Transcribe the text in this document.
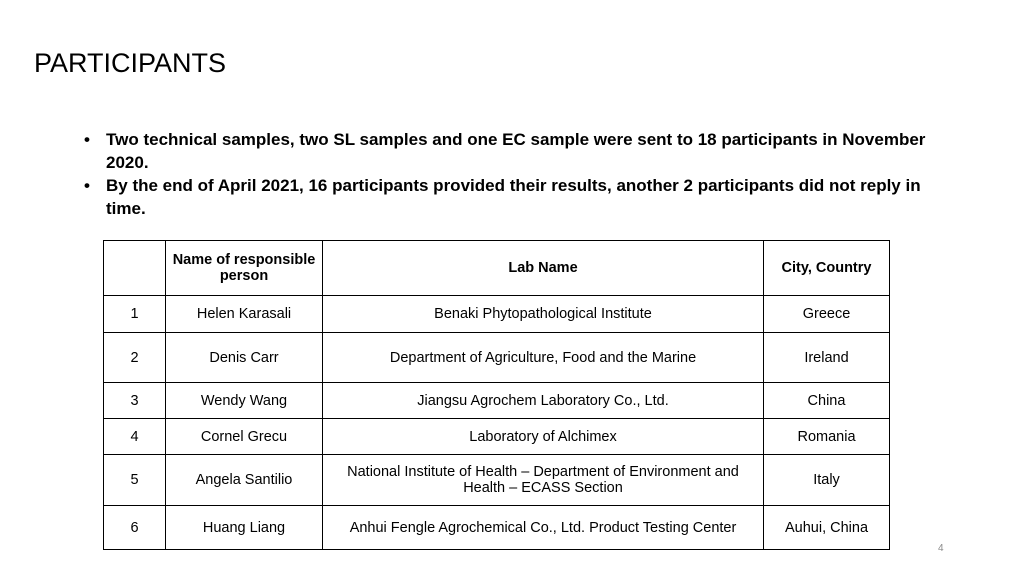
PARTICIPANTS
• Two technical samples, two SL samples and one EC sample were sent to 18 participants in November 2020.
• By the end of April 2021, 16 participants provided their results, another 2 participants did not reply in time.
	Name of responsible person	Lab Name	City, Country
1	Helen Karasali	Benaki Phytopathological Institute	Greece
2	Denis Carr	Department of Agriculture, Food and the Marine	Ireland
3	Wendy Wang	Jiangsu Agrochem Laboratory Co., Ltd.	China
4	Cornel Grecu	Laboratory of Alchimex	Romania
5	Angela Santilio	National Institute of Health – Department of Environment and Health – ECASS Section	Italy
6	Huang Liang	Anhui Fengle Agrochemical Co., Ltd. Product Testing Center	Auhui, China
4
